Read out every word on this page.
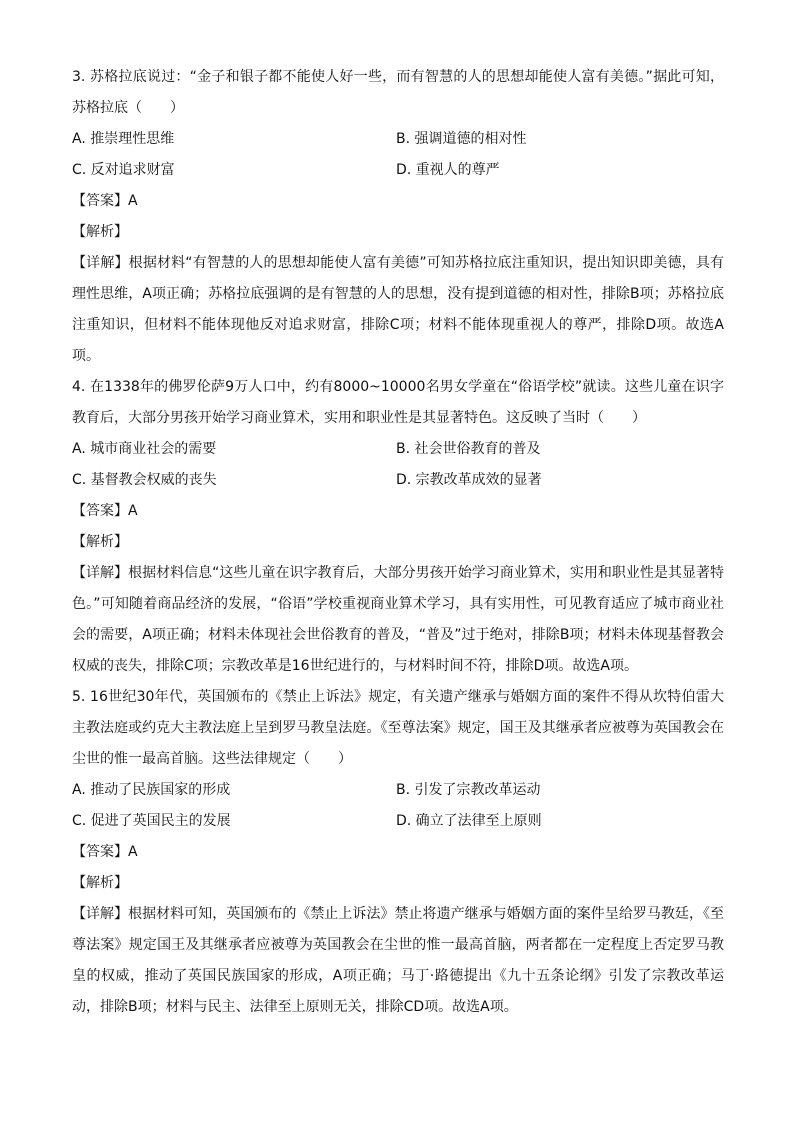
3. 苏格拉底说过：“金子和银子都不能使人好一些，而有智慧的人的思想却能使人富有美德。”据此可知，苏格拉底（　　）

A. 推崇理性思维	B. 强调道德的相对性
C. 反对追求财富	D. 重视人的尊严

【答案】A

【解析】

【详解】根据材料“有智慧的人的思想却能使人富有美德”可知苏格拉底注重知识，提出知识即美德，具有理性思维，A项正确；苏格拉底强调的是有智慧的人的思想，没有提到道德的相对性，排除B项；苏格拉底注重知识，但材料不能体现他反对追求财富，排除C项；材料不能体现重视人的尊严，排除D项。故选A项。

4. 在1338年的佛罗伦萨9万人口中，约有8000~10000名男女学童在“俗语学校”就读。这些儿童在识字教育后，大部分男孩开始学习商业算术，实用和职业性是其显著特色。这反映了当时（　　）

A. 城市商业社会的需要	B. 社会世俗教育的普及
C. 基督教会权威的丧失	D. 宗教改革成效的显著

【答案】A

【解析】

【详解】根据材料信息“这些儿童在识字教育后，大部分男孩开始学习商业算术，实用和职业性是其显著特色。”可知随着商品经济的发展，“俗语”学校重视商业算术学习，具有实用性，可见教育适应了城市商业社会的需要，A项正确；材料未体现社会世俗教育的普及，“普及”过于绝对，排除B项；材料未体现基督教会权威的丧失，排除C项；宗教改革是16世纪进行的，与材料时间不符，排除D项。故选A项。

5. 16世纪30年代，英国颁布的《禁止上诉法》规定，有关遗产继承与婚姻方面的案件不得从坎特伯雷大主教法庭或约克大主教法庭上呈到罗马教皇法庭。《至尊法案》规定，国王及其继承者应被尊为英国教会在尘世的惟一最高首脑。这些法律规定（　　）

A. 推动了民族国家的形成	B. 引发了宗教改革运动
C. 促进了英国民主的发展	D. 确立了法律至上原则

【答案】A

【解析】

【详解】根据材料可知，英国颁布的《禁止上诉法》禁止将遗产继承与婚姻方面的案件呈给罗马教廷，《至尊法案》规定国王及其继承者应被尊为英国教会在尘世的惟一最高首脑，两者都在一定程度上否定罗马教皇的权威，推动了英国民族国家的形成，A项正确；马丁·路德提出《九十五条论纲》引发了宗教改革运动，排除B项；材料与民主、法律至上原则无关，排除CD项。故选A项。
